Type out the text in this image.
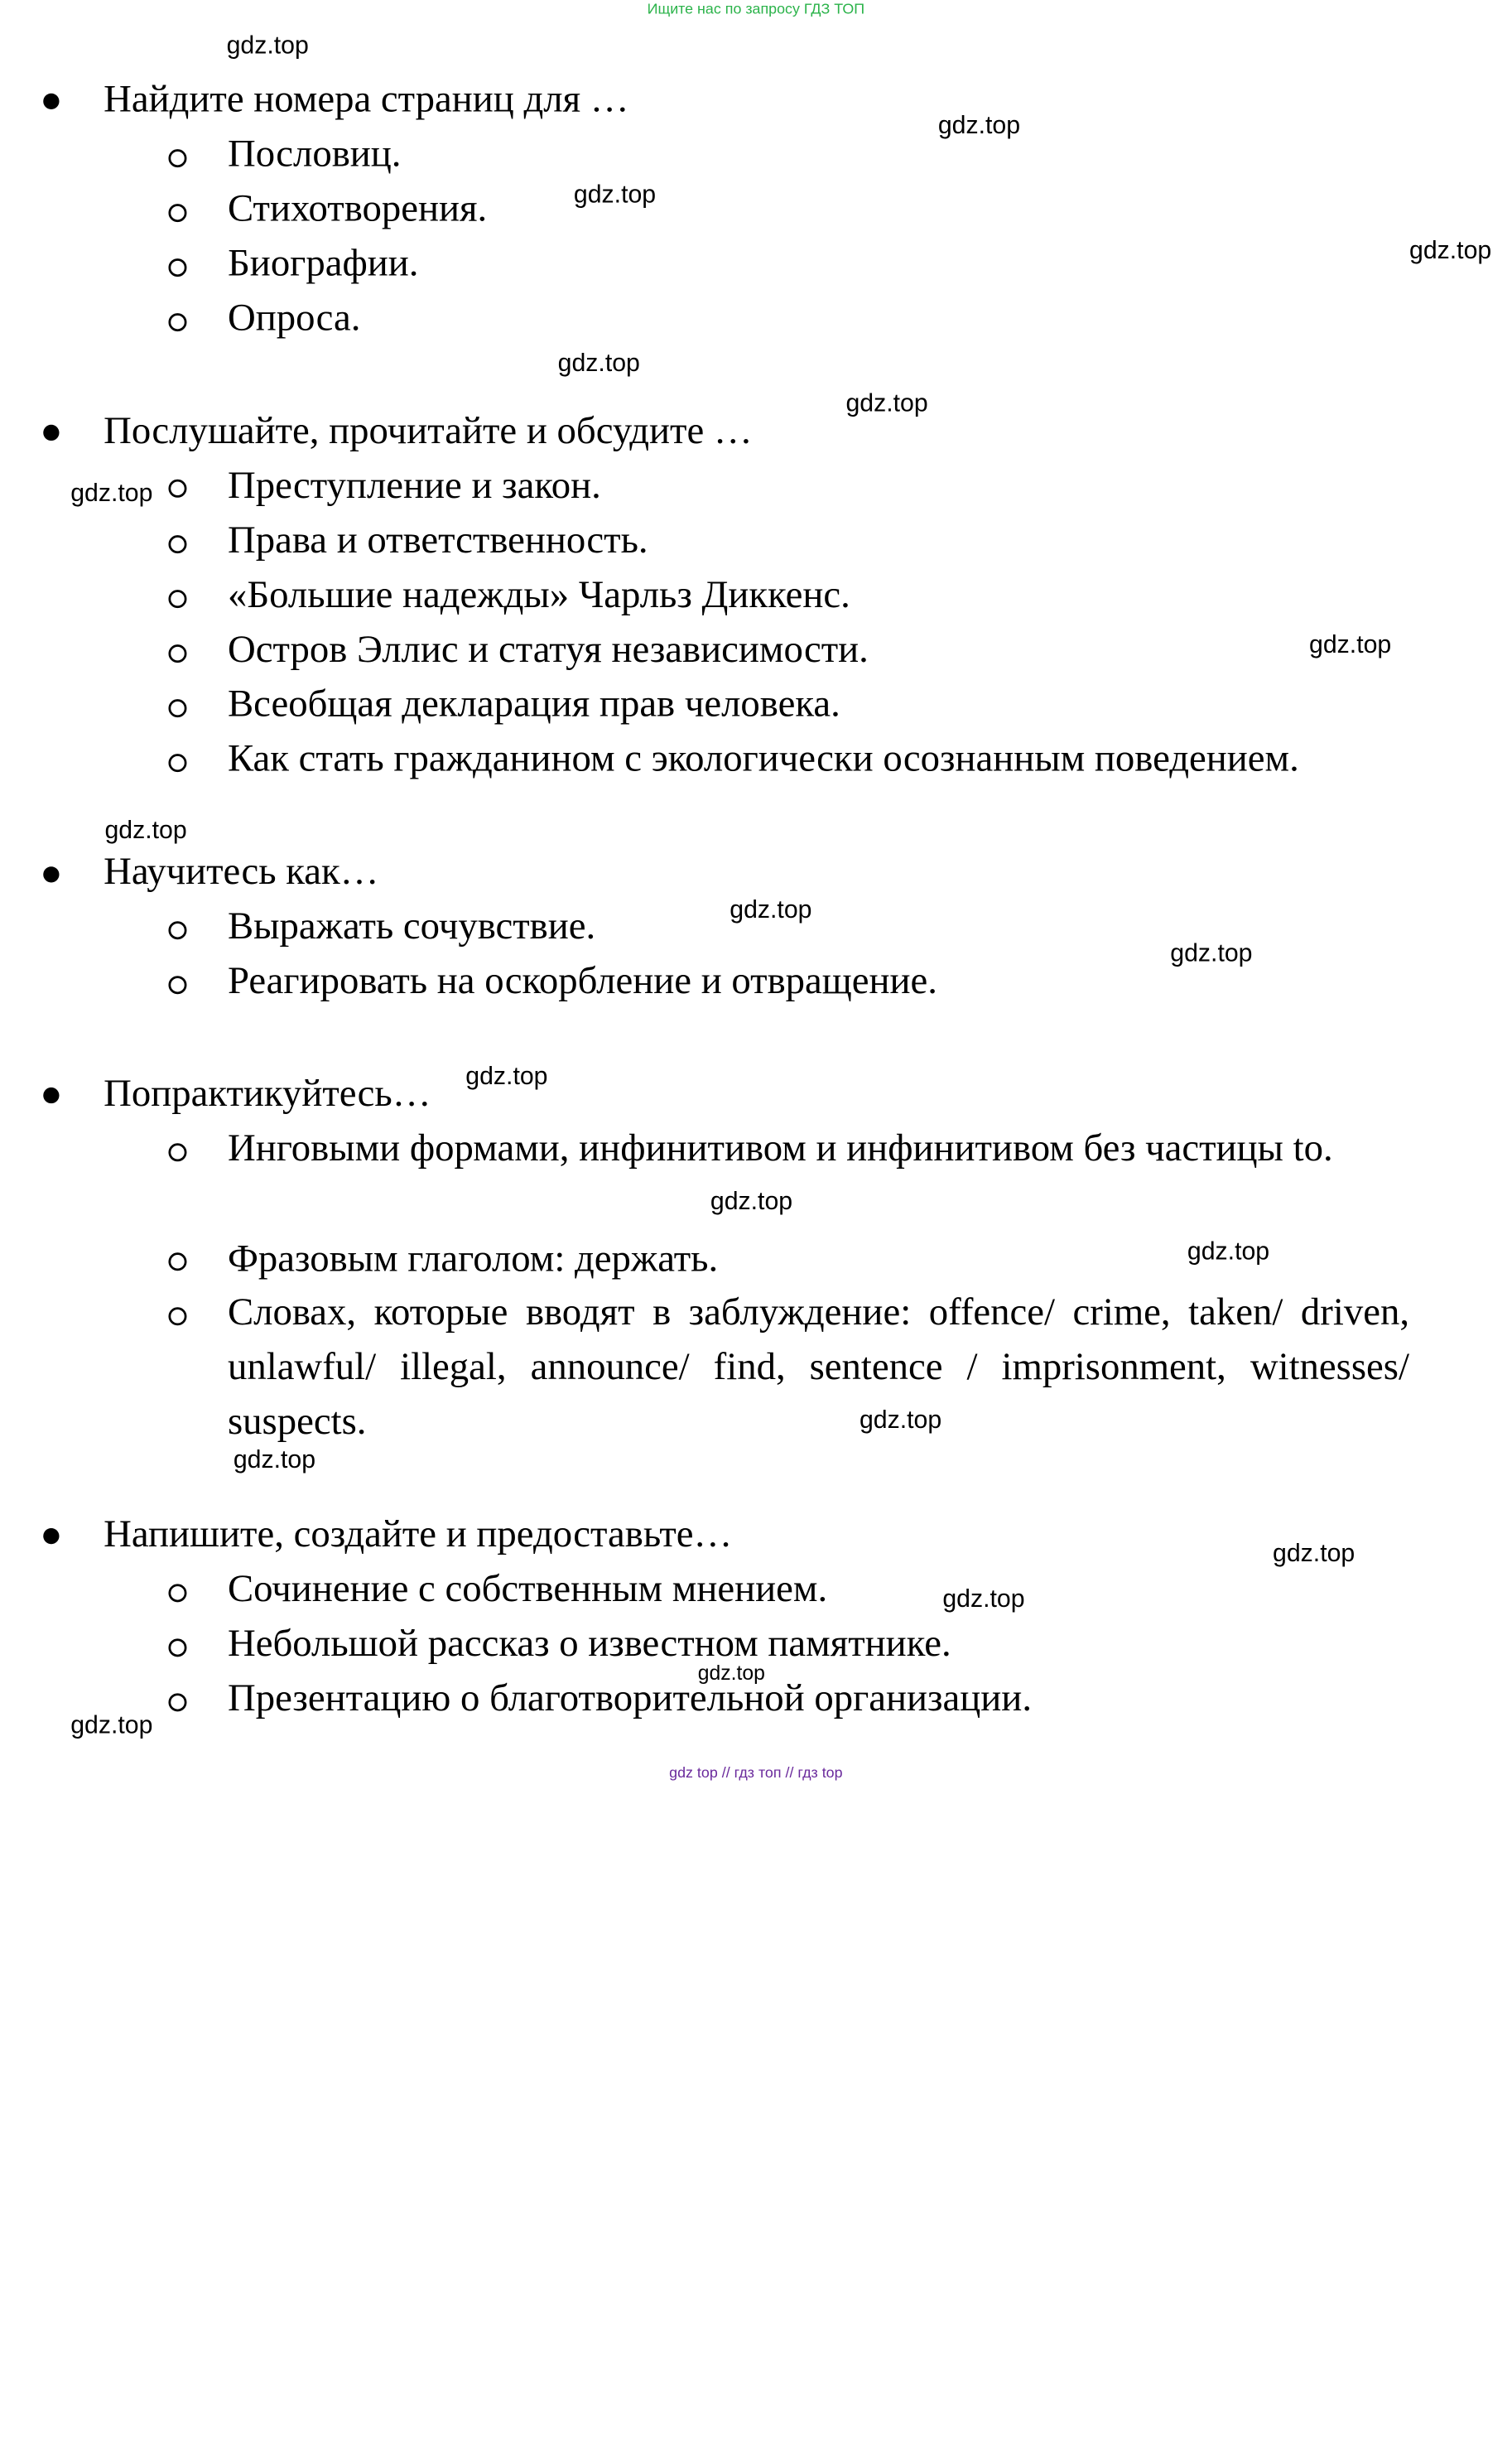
Ищите нас по запросу ГДЗ ТОП
Найдите номера страниц для …
Пословиц.
Стихотворения.
Биографии.
Опроса.
Послушайте, прочитайте и обсудите …
Преступление и закон.
Права и ответственность.
«Большие надежды» Чарльз Диккенс.
Остров Эллис и статуя независимости.
Всеобщая декларация прав человека.
Как стать гражданином с экологически осознанным поведением.
Научитесь как…
Выражать сочувствие.
Реагировать на оскорбление и отвращение.
Попрактикуйтесь…
Инговыми формами, инфинитивом и инфинитивом без частицы to.
Фразовым глаголом: держать.
Словах, которые вводят в заблуждение: offence/ crime, taken/ driven, unlawful/ illegal, announce/ find, sentence / imprisonment, witnesses/ suspects.
Напишите, создайте и предоставьте…
Сочинение с собственным мнением.
Небольшой рассказ о известном памятнике.
Презентацию о благотворительной организации.
gdz.top
gdz.top
gdz.top
gdz.top
gdz.top
gdz.top
gdz.top
gdz.top
gdz.top
gdz.top
gdz.top
gdz.top
gdz.top
gdz.top
gdz.top
gdz.top
gdz.top
gdz.top
gdz.top
gdz.top
gdz top // гдз топ // гдз top
